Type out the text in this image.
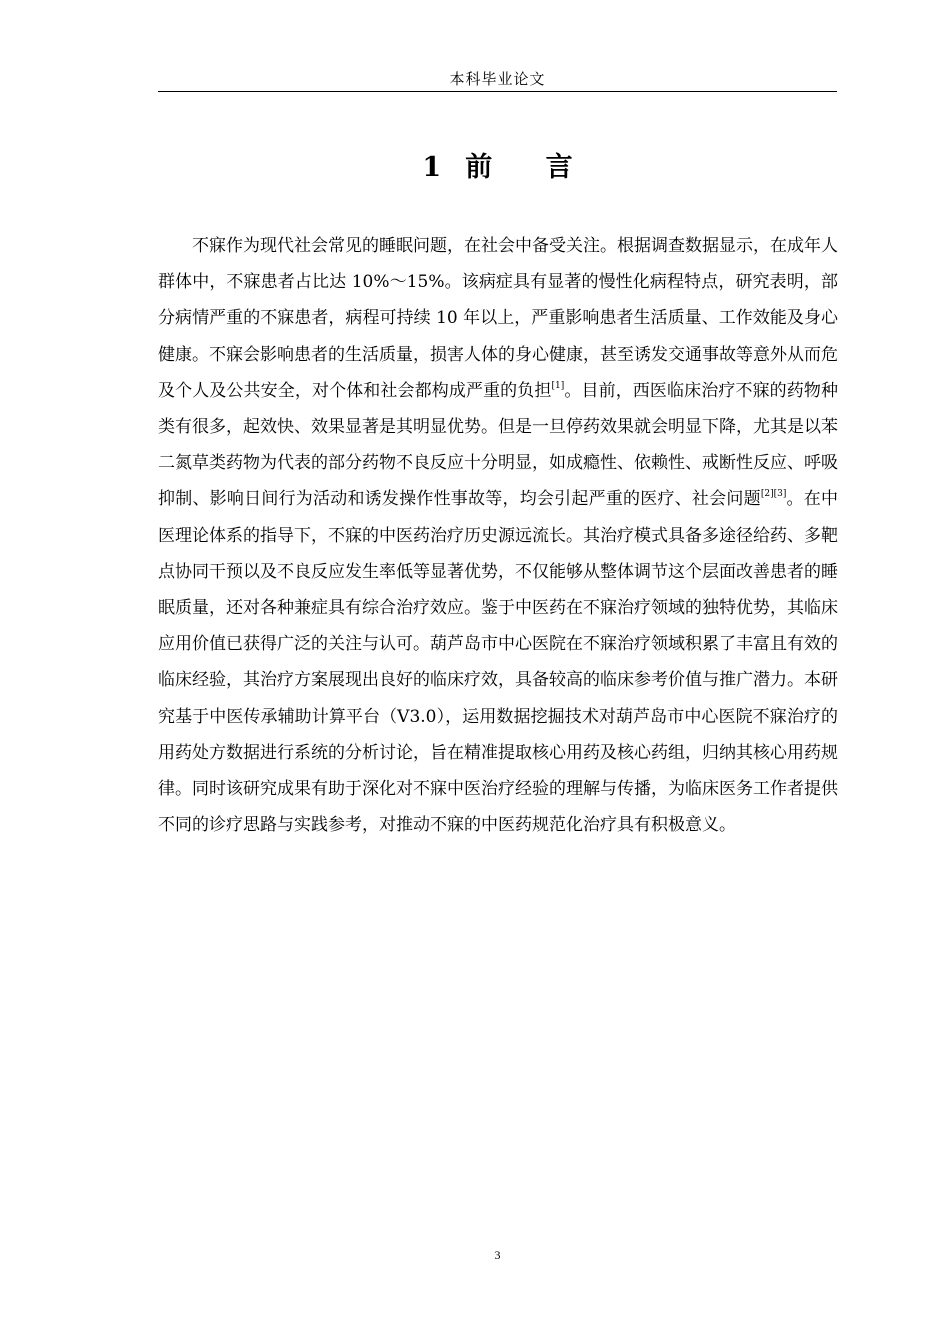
本科毕业论文
1 前 言

不寐作为现代社会常见的睡眠问题，在社会中备受关注。根据调查数据显示，在成年人群体中，不寐患者占比达 10%～15%。该病症具有显著的慢性化病程特点，研究表明，部分病情严重的不寐患者，病程可持续 10 年以上，严重影响患者生活质量、工作效能及身心健康。不寐会影响患者的生活质量，损害人体的身心健康，甚至诱发交通事故等意外从而危及个人及公共安全，对个体和社会都构成严重的负担[1]。目前，西医临床治疗不寐的药物种类有很多，起效快、效果显著是其明显优势。但是一旦停药效果就会明显下降，尤其是以苯二氮草类药物为代表的部分药物不良反应十分明显，如成瘾性、依赖性、戒断性反应、呼吸抑制、影响日间行为活动和诱发操作性事故等，均会引起严重的医疗、社会问题[2][3]。在中医理论体系的指导下，不寐的中医药治疗历史源远流长。其治疗模式具备多途径给药、多靶点协同干预以及不良反应发生率低等显著优势，不仅能够从整体调节这个层面改善患者的睡眠质量，还对各种兼症具有综合治疗效应。鉴于中医药在不寐治疗领域的独特优势，其临床应用价值已获得广泛的关注与认可。葫芦岛市中心医院在不寐治疗领域积累了丰富且有效的临床经验，其治疗方案展现出良好的临床疗效，具备较高的临床参考价值与推广潜力。本研究基于中医传承辅助计算平台（V3.0），运用数据挖掘技术对葫芦岛市中心医院不寐治疗的用药处方数据进行系统的分析讨论，旨在精准提取核心用药及核心药组，归纳其核心用药规律。同时该研究成果有助于深化对不寐中医治疗经验的理解与传播，为临床医务工作者提供不同的诊疗思路与实践参考，对推动不寐的中医药规范化治疗具有积极意义。

3
